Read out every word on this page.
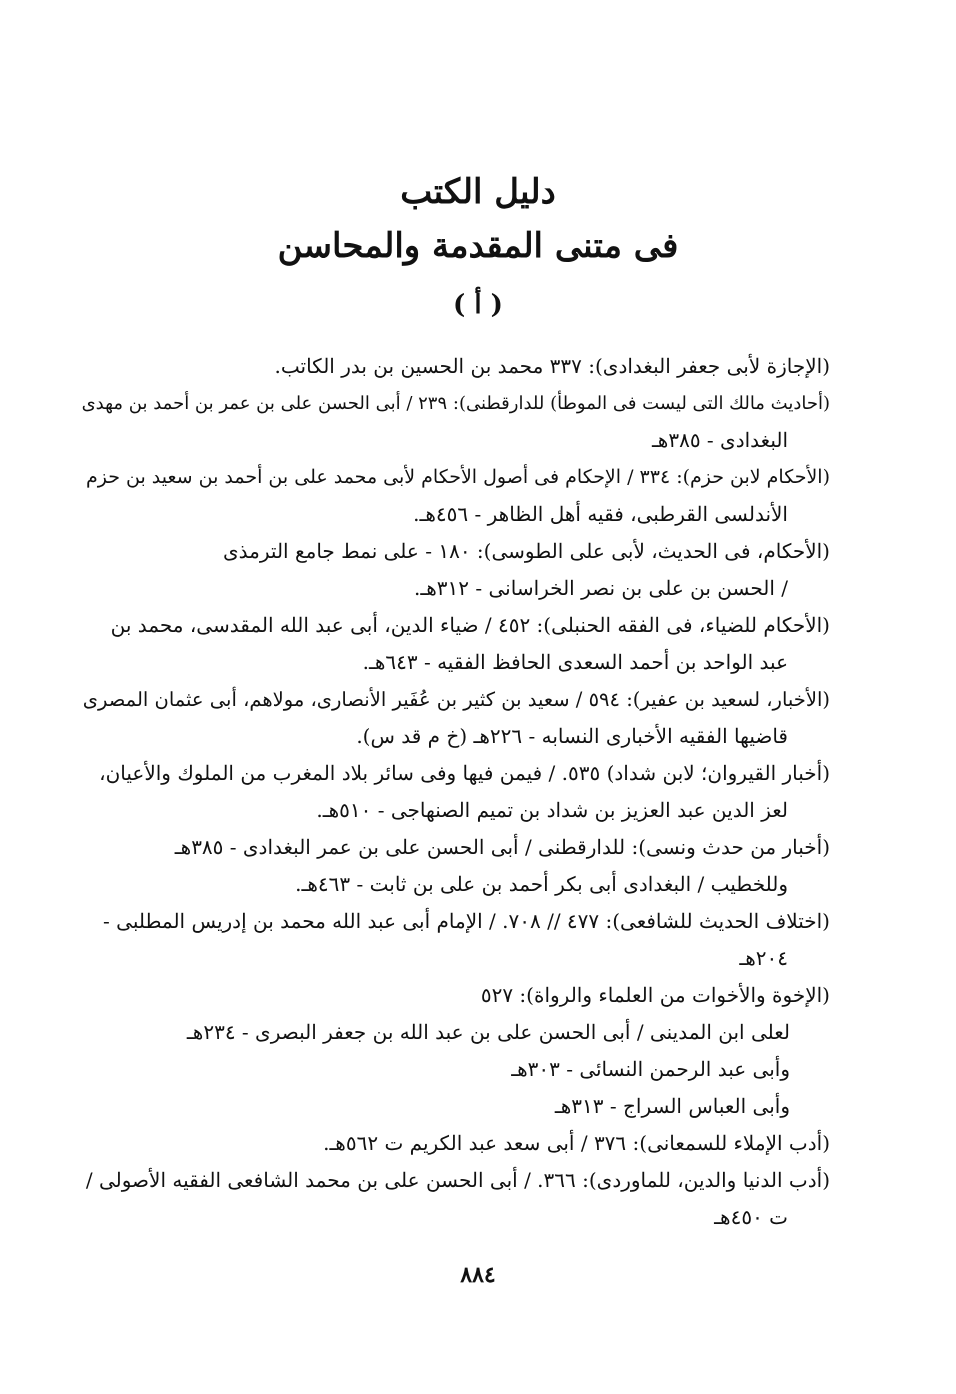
دليل الكتب
فى متنى المقدمة والمحاسن
( أ )
(الإجازة لأبى جعفر البغدادى): ٣٣٧ محمد بن الحسين بن بدر الكاتب.
(أحاديث مالك التى ليست فى الموطأ) للدارقطنى): ٢٣٩ / أبى الحسن على بن عمر بن أحمد بن مهدى
البغدادى - ٣٨٥هـ
(الأحكام لابن حزم): ٣٣٤ / الإحكام فى أصول الأحكام لأبى محمد على بن أحمد بن سعيد بن حزم
الأندلسى القرطبى، فقيه أهل الظاهر - ٤٥٦هـ.
(الأحكام، فى الحديث، لأبى على الطوسى): ١٨٠ - على نمط جامع الترمذى
/ الحسن بن على بن نصر الخراسانى - ٣١٢هـ.
(الأحكام للضياء، فى الفقه الحنبلى): ٤٥٢ / ضياء الدين، أبى عبد الله المقدسى، محمد بن
عبد الواحد بن أحمد السعدى الحافظ الفقيه - ٦٤٣هـ.
(الأخبار، لسعيد بن عفير): ٥٩٤ / سعيد بن كثير بن عُفَير الأنصارى، مولاهم، أبى عثمان المصرى
قاضيها الفقيه الأخبارى النسابه - ٢٢٦هـ (خ م قد س).
(أخبار القيروان؛ لابن شداد) ٥٣٥. / فيمن فيها وفى سائر بلاد المغرب من الملوك والأعيان،
لعز الدين عبد العزيز بن شداد بن تميم الصنهاجى - ٥١٠هـ.
(أخبار من حدث ونسى): للدارقطنى / أبى الحسن على بن عمر البغدادى - ٣٨٥هـ
وللخطيب / البغدادى أبى بكر أحمد بن على بن ثابت - ٤٦٣هـ.
(اختلاف الحديث للشافعى): ٤٧٧ // ٧٠٨. / الإمام أبى عبد الله محمد بن إدريس المطلبى -
٢٠٤هـ
(الإخوة والأخوات من العلماء والرواة): ٥٢٧
لعلى ابن المدينى / أبى الحسن على بن عبد الله بن جعفر البصرى - ٢٣٤هـ
وأبى عبد الرحمن النسائى - ٣٠٣هـ
وأبى العباس السراج - ٣١٣هـ
(أدب الإملاء للسمعانى): ٣٧٦ / أبى سعد عبد الكريم ت ٥٦٢هـ.
(أدب الدنيا والدين، للماوردى): ٣٦٦. / أبى الحسن على بن محمد الشافعى الفقيه الأصولى /
ت ٤٥٠هـ
٨٨٤
